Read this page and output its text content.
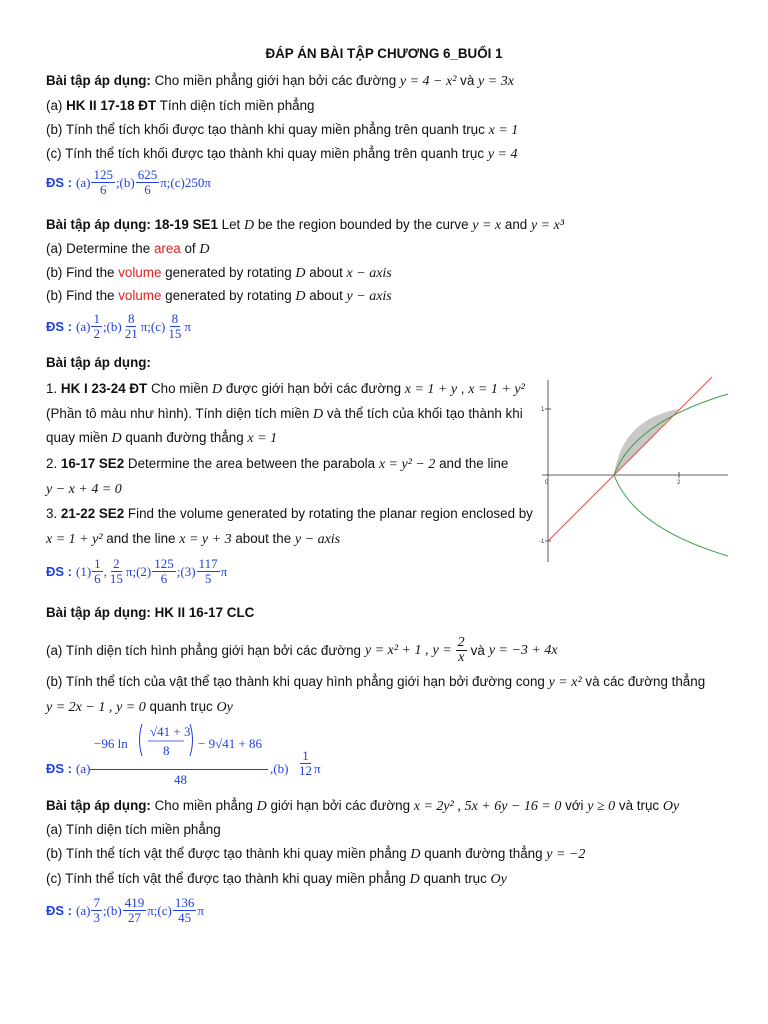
ĐÁP ÁN BÀI TẬP CHƯƠNG 6_BUỔI 1
Bài tập áp dụng: Cho miền phẳng giới hạn bởi các đường y = 4 − x² và y = 3x
(a) HK II 17-18 ĐT Tính diện tích miền phẳng
(b) Tính thể tích khối được tạo thành khi quay miền phẳng trên quanh trục x = 1
(c) Tính thể tích khối được tạo thành khi quay miền phẳng trên quanh trục y = 4
ĐS : $(a) \frac{125}{6}$ ;(b) $\frac{625}{6}$ π;(c)250π
Bài tập áp dụng: 18-19 SE1 Let D be the region bounded by the curve y = x and y = x³
(a) Determine the area of D
(b) Find the volume generated by rotating D about x − axis
(b) Find the volume generated by rotating D about y − axis
ĐS : $(a) \frac{1}{2}$ ;(b) $\frac{8}{21}$ π;(c) $\frac{8}{15}$ π
Bài tập áp dụng:
1. HK I 23-24 ĐT Cho miền D được giới hạn bởi các đường x = 1 + y , x = 1 + y²
(Phần tô màu như hình). Tính diện tích miền D và thể tích của khối tạo thành khi
quay miền D quanh đường thẳng x = 1
2. 16-17 SE2 Determine the area between the parabola x = y² − 2 and the line
y − x + 4 = 0
3. 21-22 SE2 Find the volume generated by rotating the planar region enclosed by
x = 1 + y² and the line x = y + 3 about the y − axis
ĐS : $(1) \frac{1}{6}$ , $\frac{2}{15}$ π;(2) $\frac{125}{6}$ ;(3) $\frac{117}{5}$ π
0	2
1
-1
Bài tập áp dụng: HK II 16-17 CLC
(a) Tính diện tích hình phẳng giới hạn bởi các đường y = x² + 1 , $y = \frac{2}{x}$ và y = −3 + 4x
(b) Tính thể tích của vật thể tạo thành khi quay hình phẳng giới hạn bởi đường cong y = x² và các đường thẳng
y = 2x − 1 , y = 0 quanh trục Oy
ĐS : (a)
−96 ln
√41 + 3
8 − 9√41 + 86
48
$,(b) \frac{1}{12}$ π
Bài tập áp dụng: Cho miền phẳng D giới hạn bởi các đường x = 2y² , 5x + 6y − 16 = 0 với y ≥ 0 và trục Oy
(a) Tính diện tích miền phẳng
(b) Tính thể tích vật thể được tạo thành khi quay miền phẳng D quanh đường thẳng y = −2
(c) Tính thể tích vật thể được tạo thành khi quay miền phẳng D quanh trục Oy
ĐS : $(a) \frac{7}{3}$ ;(b) $\frac{419}{27}$ π;(c) $\frac{136}{45}$ π
